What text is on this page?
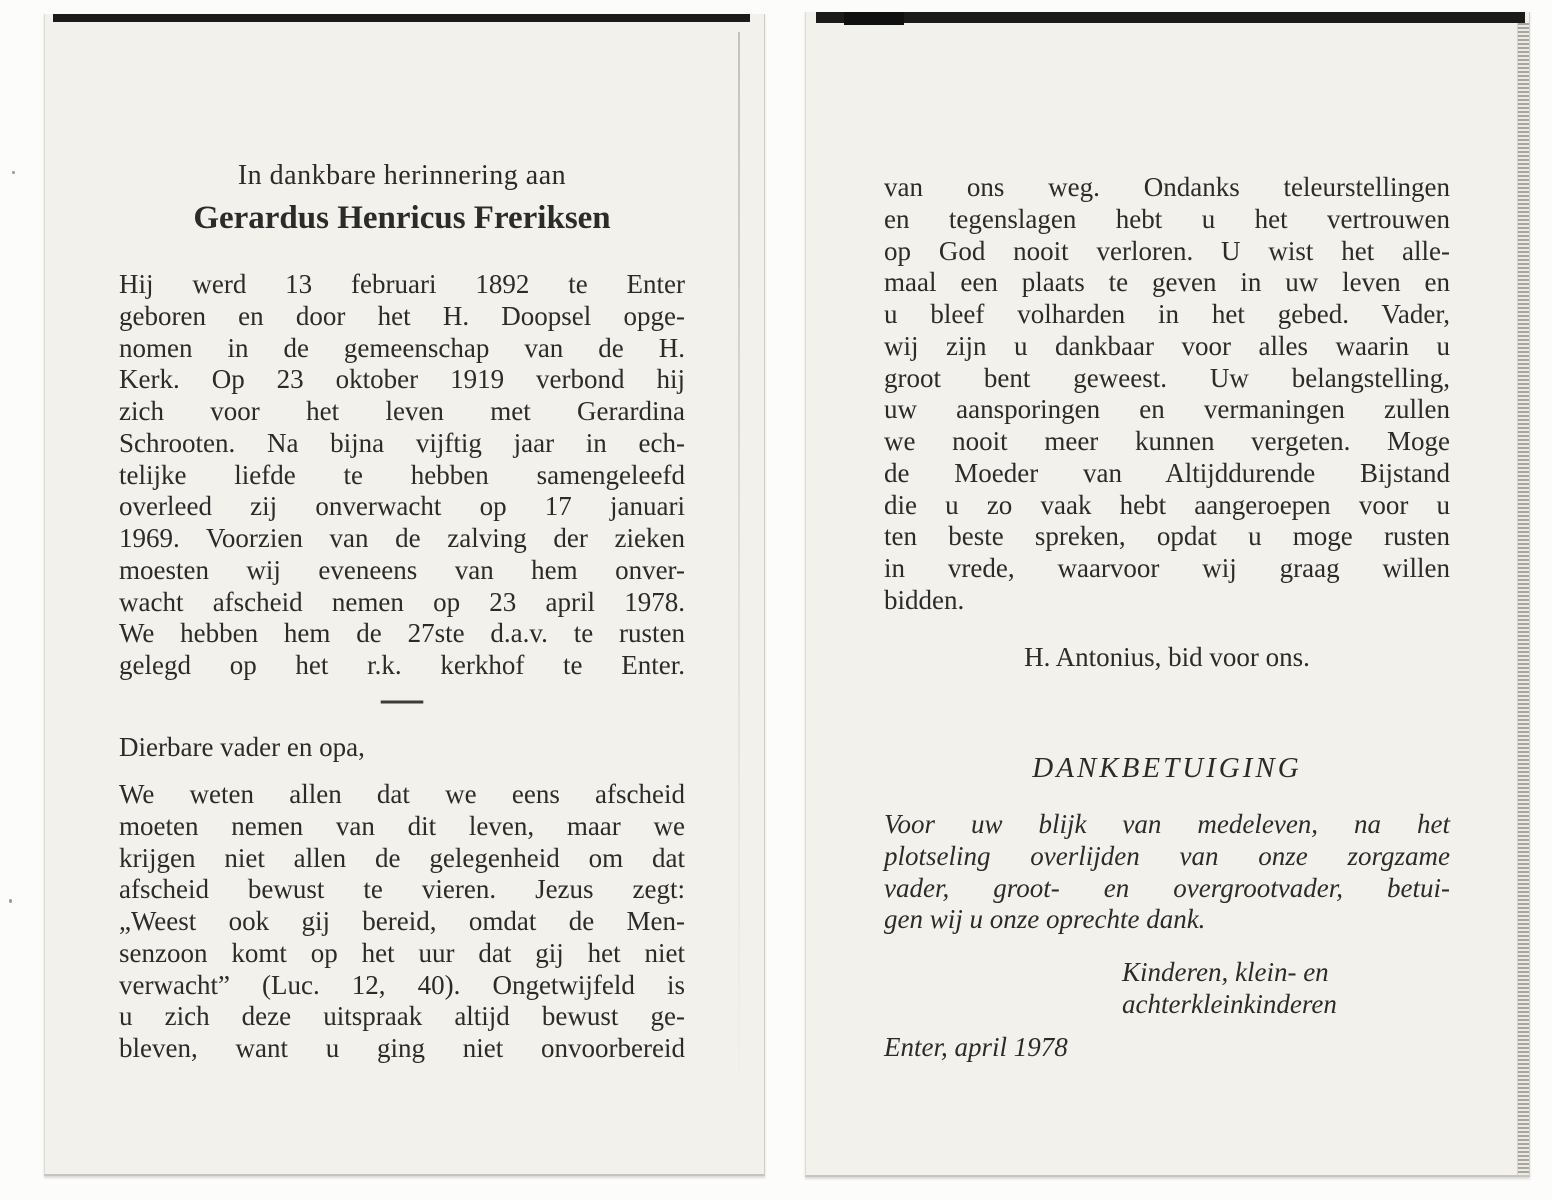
In dankbare herinnering aan
Gerardus Henricus Freriksen
Hij werd 13 februari 1892 te Enter
geboren en door het H. Doopsel opge-
nomen in de gemeenschap van de H.
Kerk. Op 23 oktober 1919 verbond hij
zich voor het leven met Gerardina
Schrooten. Na bijna vijftig jaar in ech-
telijke liefde te hebben samengeleefd
overleed zij onverwacht op 17 januari
1969. Voorzien van de zalving der zieken
moesten wij eveneens van hem onver-
wacht afscheid nemen op 23 april 1978.
We hebben hem de 27ste d.a.v. te rusten
gelegd op het r.k. kerkhof te Enter.
—
Dierbare vader en opa,
We weten allen dat we eens afscheid
moeten nemen van dit leven, maar we
krijgen niet allen de gelegenheid om dat
afscheid bewust te vieren. Jezus zegt:
„Weest ook gij bereid, omdat de Men-
senzoon komt op het uur dat gij het niet
verwacht” (Luc. 12, 40). Ongetwijfeld is
u zich deze uitspraak altijd bewust ge-
bleven, want u ging niet onvoorbereid
van ons weg. Ondanks teleurstellingen
en tegenslagen hebt u het vertrouwen
op God nooit verloren. U wist het alle-
maal een plaats te geven in uw leven en
u bleef volharden in het gebed. Vader,
wij zijn u dankbaar voor alles waarin u
groot bent geweest. Uw belangstelling,
uw aansporingen en vermaningen zullen
we nooit meer kunnen vergeten. Moge
de Moeder van Altijddurende Bijstand
die u zo vaak hebt aangeroepen voor u
ten beste spreken, opdat u moge rusten
in vrede, waarvoor wij graag willen
bidden.
H. Antonius, bid voor ons.
DANKBETUIGING
Voor uw blijk van medeleven, na het
plotseling overlijden van onze zorgzame
vader, groot- en overgrootvader, betui-
gen wij u onze oprechte dank.
Kinderen, klein- en
achterkleinkinderen
Enter, april 1978
